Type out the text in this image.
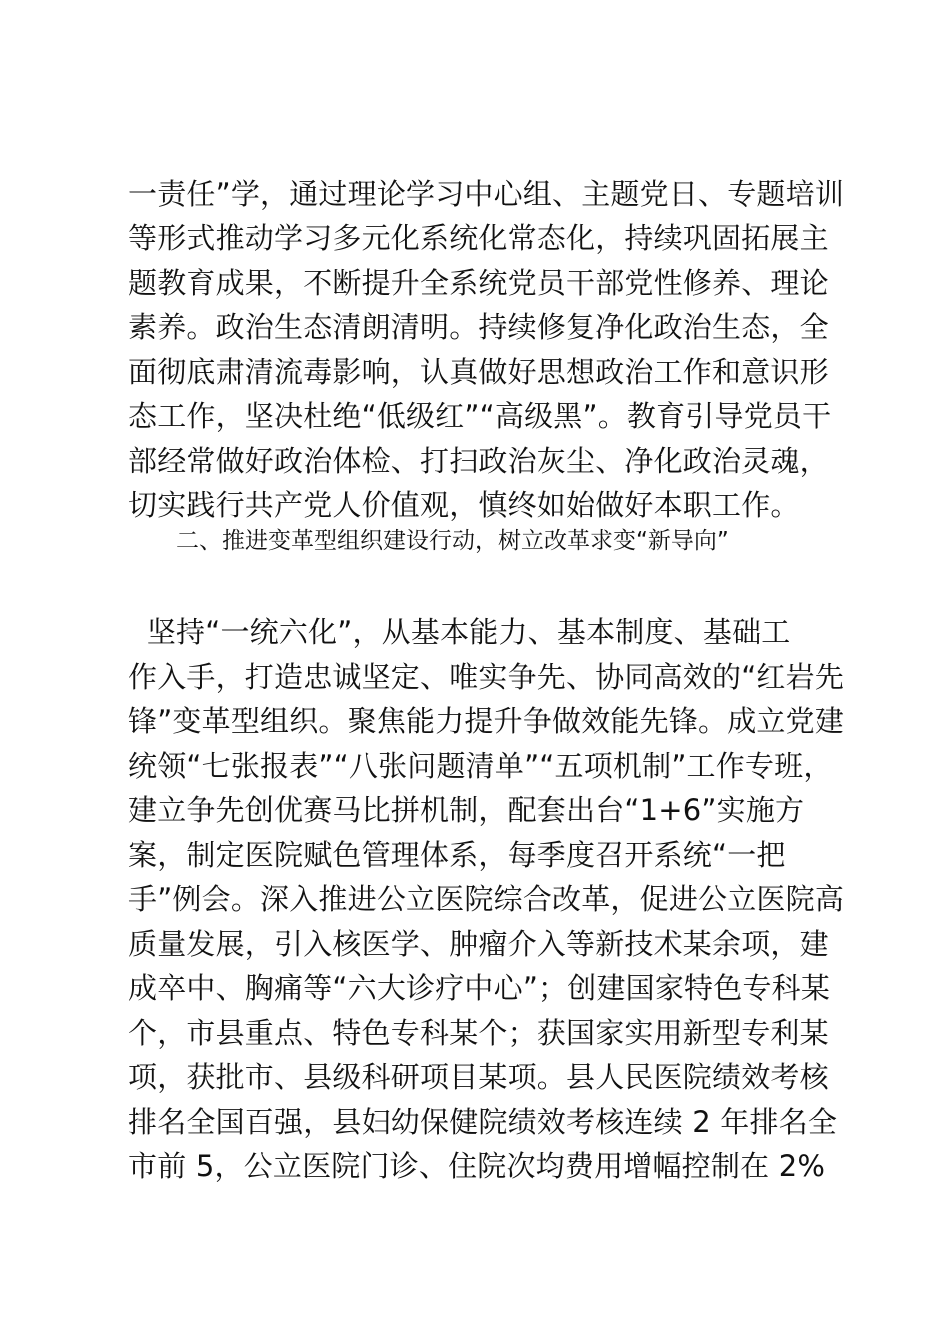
一责任”学，通过理论学习中心组、主题党日、专题培训
等形式推动学习多元化系统化常态化，持续巩固拓展主
题教育成果，不断提升全系统党员干部党性修养、理论
素养。政治生态清朗清明。持续修复净化政治生态，全
面彻底肃清流毒影响，认真做好思想政治工作和意识形
态工作，坚决杜绝“低级红”“高级黑”。教育引导党员干
部经常做好政治体检、打扫政治灰尘、净化政治灵魂，
切实践行共产党人价值观，慎终如始做好本职工作。
二、推进变革型组织建设行动，树立改革求变“新导向”
坚持“一统六化”，从基本能力、基本制度、基础工
作入手，打造忠诚坚定、唯实争先、协同高效的“红岩先
锋”变革型组织。聚焦能力提升争做效能先锋。成立党建
统领“七张报表”“八张问题清单”“五项机制”工作专班，
建立争先创优赛马比拼机制，配套出台“1+6”实施方
案，制定医院赋色管理体系，每季度召开系统“一把
手”例会。深入推进公立医院综合改革，促进公立医院高
质量发展，引入核医学、肿瘤介入等新技术某余项，建
成卒中、胸痛等“六大诊疗中心”；创建国家特色专科某
个，市县重点、特色专科某个；获国家实用新型专利某
项，获批市、县级科研项目某项。县人民医院绩效考核
排名全国百强，县妇幼保健院绩效考核连续 2 年排名全
市前 5，公立医院门诊、住院次均费用增幅控制在 2%
